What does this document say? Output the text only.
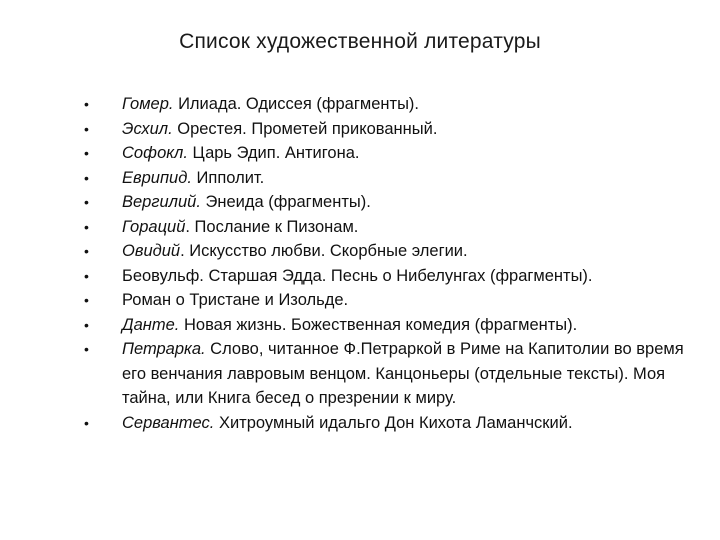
Список художественной литературы
• Гомер. Илиада. Одиссея (фрагменты).
• Эсхил. Орестея. Прометей прикованный.
• Софокл. Царь Эдип. Антигона.
• Еврипид. Ипполит.
• Вергилий. Энеида (фрагменты).
• Гораций. Послание к Пизонам.
• Овидий. Искусство любви. Скорбные элегии.
• Беовульф. Старшая Эдда. Песнь о Нибелунгах (фрагменты).
• Роман о Тристане и Изольде.
• Данте. Новая жизнь. Божественная комедия (фрагменты).
• Петрарка. Слово, читанное Ф.Петраркой в Риме на Капитолии во время его венчания лавровым венцом. Канцоньеры (отдельные тексты). Моя тайна, или Книга бесед о презрении к миру.
• Сервантес. Хитроумный идальго Дон Кихота Ламанчский.
